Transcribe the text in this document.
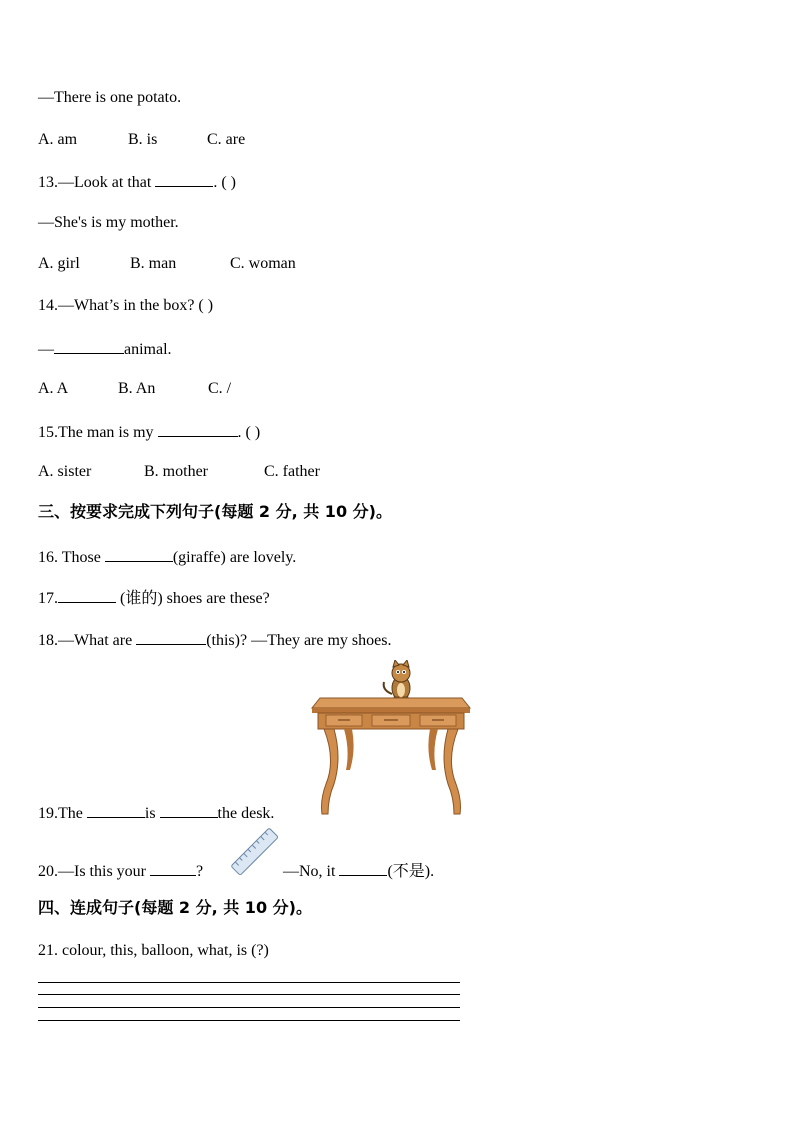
—There is one potato.
A. am	B. is	C. are
13.—Look at that	. ( )
—She's is my mother.
A. girl	B. man	C. woman
14.—What’s in the box? ( )
—	animal.
A. A	B. An	C. /
15.The man is my	. ( )
A. sister	B. mother	C. father
三、按要求完成下列句子(每题 2 分, 共 10 分)。
16. Those	(giraffe) are lovely.
17.	(谁的) shoes are these?
18.—What are	(this)? —They are my shoes.
19.The	is	the desk.
20.—Is this your	?	—No, it	(不是).
四、连成句子(每题 2 分, 共 10 分)。
21. colour, this, balloon, what, is (?)
